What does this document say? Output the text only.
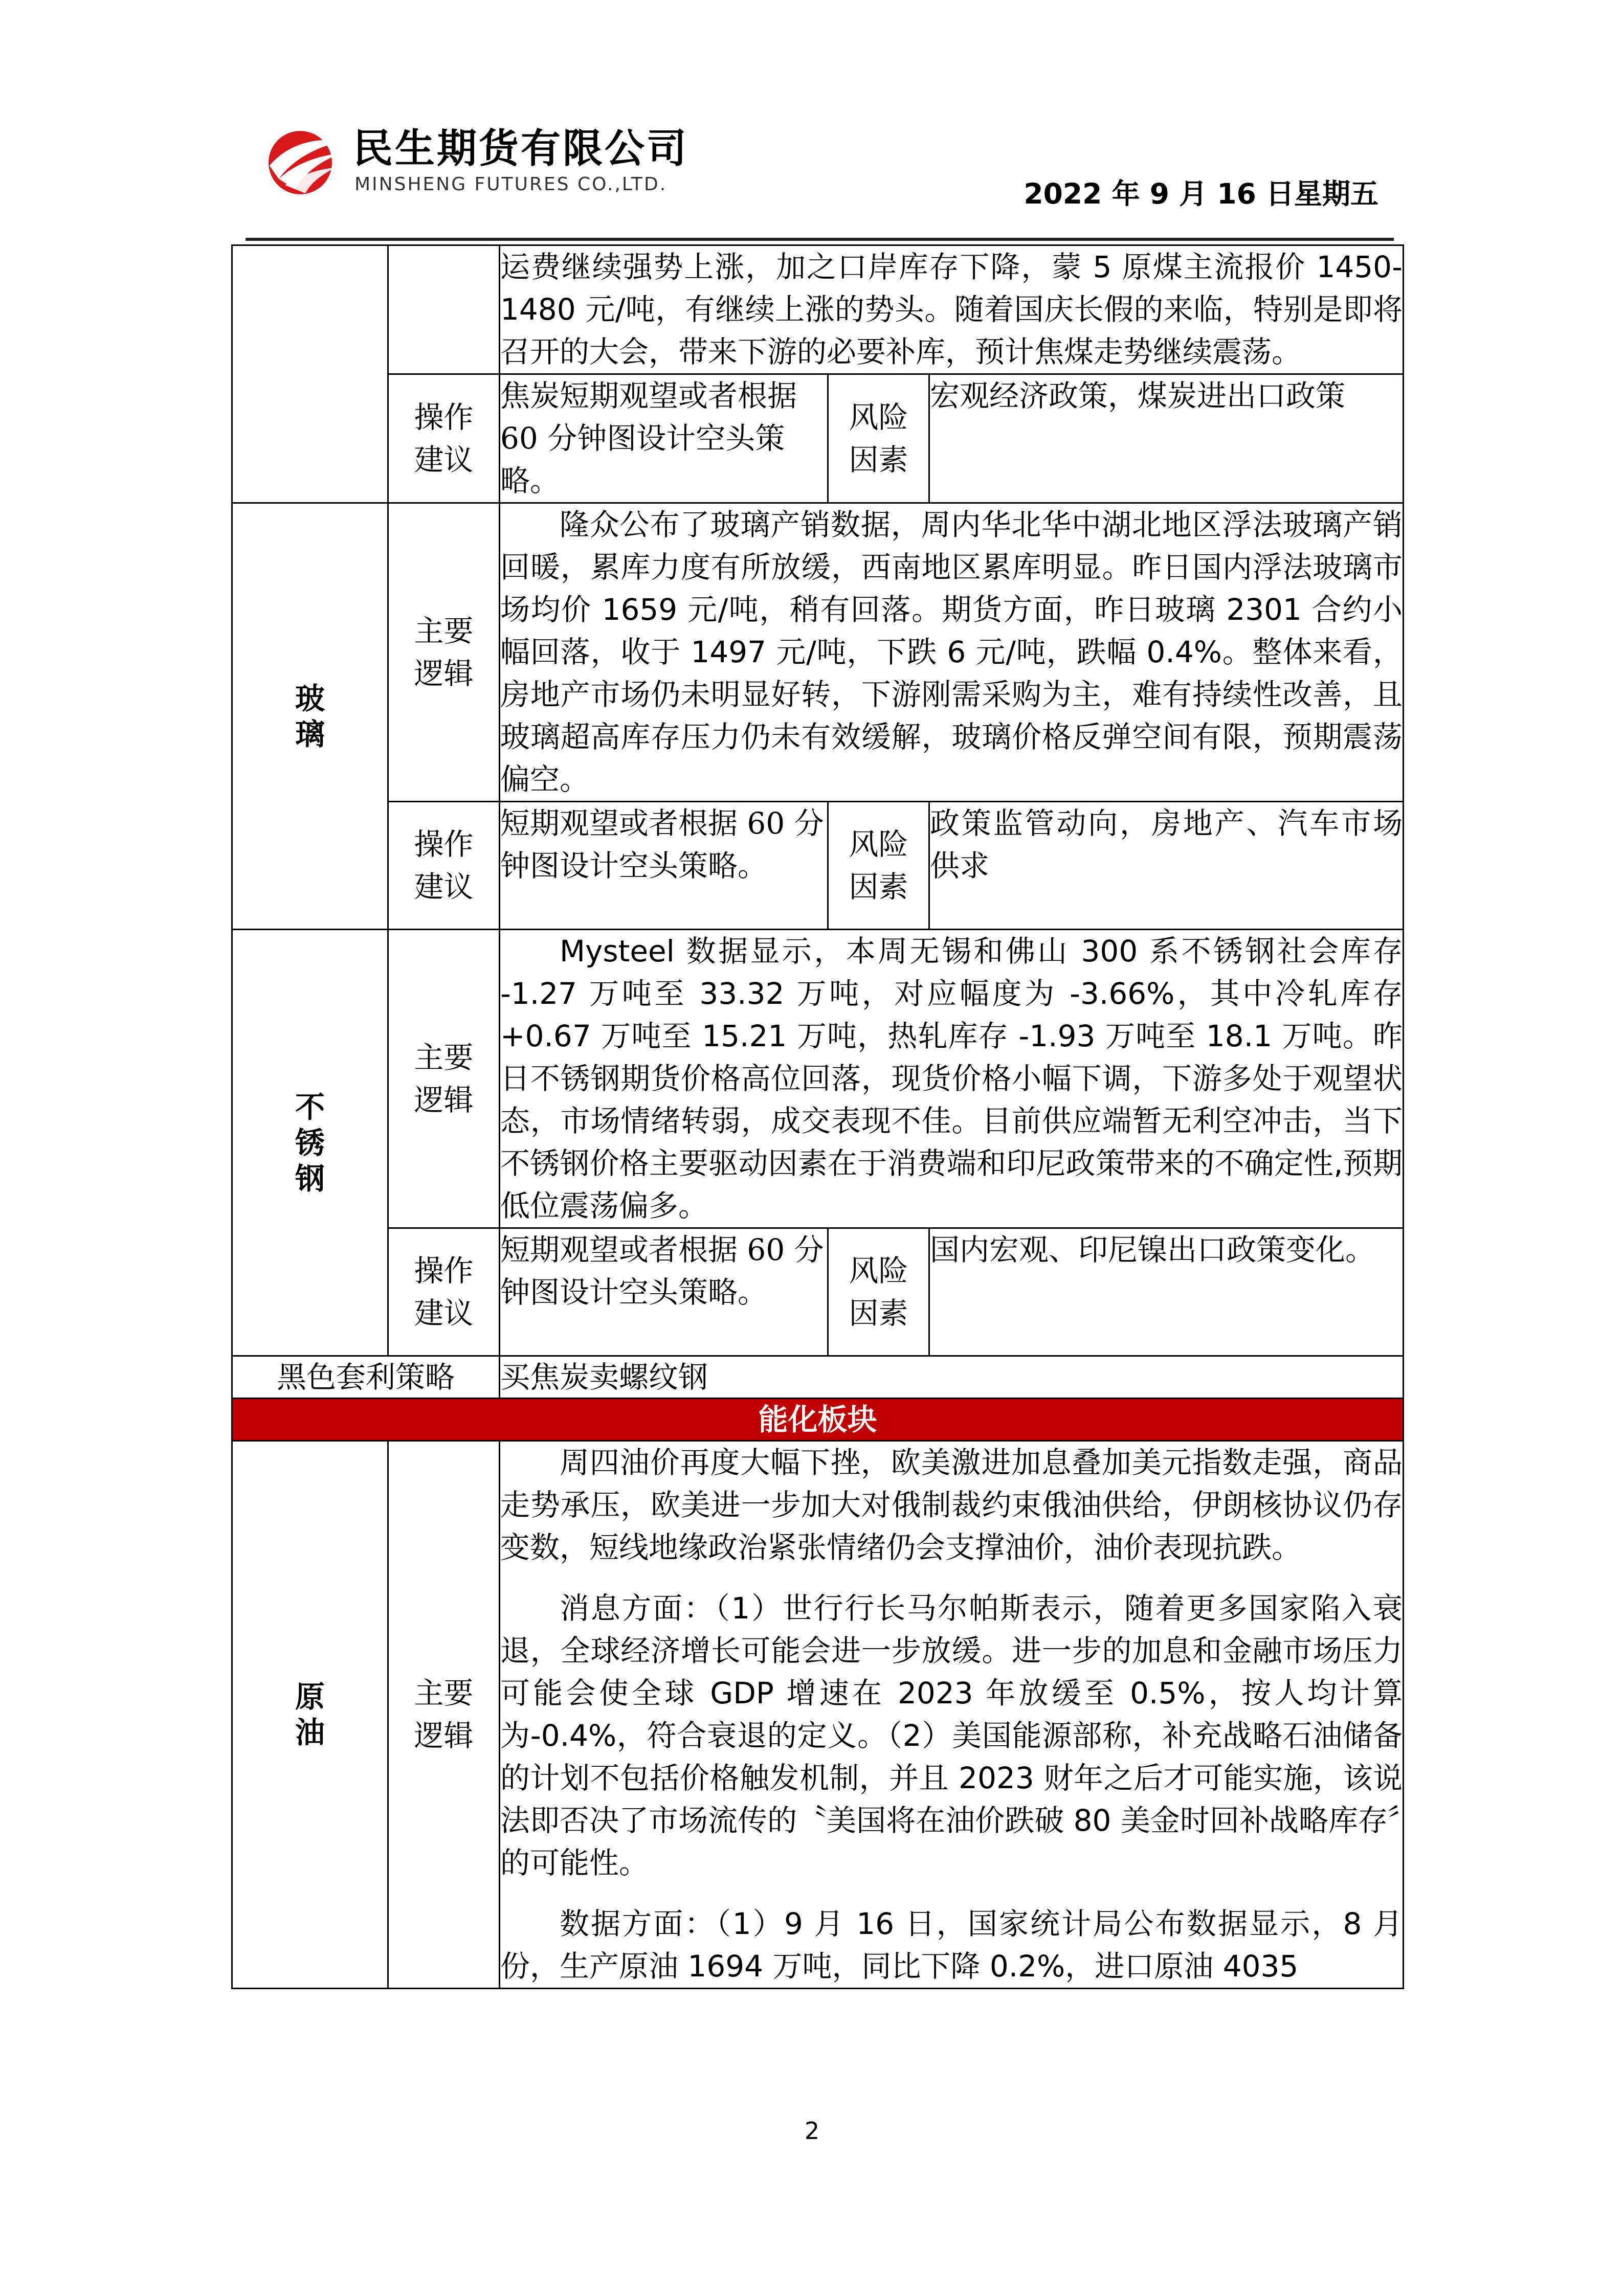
民生期货有限公司
MINSHENG FUTURES CO.,LTD.	2022 年 9 月 16 日星期五

		运费继续强势上涨，加之口岸库存下降，蒙 5 原煤主流报价 1450-1480 元/吨，有继续上涨的势头。随着国庆长假的来临，特别是即将召开的大会，带来下游的必要补库，预计焦煤走势继续震荡。		

	操作建议	焦炭短期观望或者根据 60 分钟图设计空头策略。	风险因素	宏观经济政策，煤炭进出口政策
玻璃	主要逻辑	隆众公布了玻璃产销数据，周内华北华中湖北地区浮法玻璃产销回暖，累库力度有所放缓，西南地区累库明显。昨日国内浮法玻璃市场均价 1659 元/吨，稍有回落。期货方面，昨日玻璃 2301 合约小幅回落，收于 1497 元/吨，下跌 6 元/吨，跌幅 0.4%。整体来看，房地产市场仍未明显好转，下游刚需采购为主，难有持续性改善，且玻璃超高库存压力仍未有效缓解，玻璃价格反弹空间有限，预期震荡偏空。		

	操作建议	短期观望或者根据 60 分钟图设计空头策略。	风险因素	政策监管动向，房地产、汽车市场供求
不锈钢	主要逻辑	Mysteel 数据显示，本周无锡和佛山 300 系不锈钢社会库存 -1.27 万吨至 33.32 万吨，对应幅度为 -3.66%，其中冷轧库存 +0.67 万吨至 15.21 万吨，热轧库存 -1.93 万吨至 18.1 万吨。昨日不锈钢期货价格高位回落，现货价格小幅下调，下游多处于观望状态，市场情绪转弱，成交表现不佳。目前供应端暂无利空冲击，当下不锈钢价格主要驱动因素在于消费端和印尼政策带来的不确定性,预期低位震荡偏多。		

	操作建议	短期观望或者根据 60 分钟图设计空头策略。	风险因素	国内宏观、印尼镍出口政策变化。
黑色套利策略		买焦炭卖螺纹钢		
能化板块				
原油	主要逻辑	周四油价再度大幅下挫，欧美激进加息叠加美元指数走强，商品走势承压，欧美进一步加大对俄制裁约束俄油供给，伊朗核协议仍存变数，短线地缘政治紧张情绪仍会支撑油价，油价表现抗跌。

消息方面：（1）世行行长马尔帕斯表示，随着更多国家陷入衰退，全球经济增长可能会进一步放缓。进一步的加息和金融市场压力可能会使全球 GDP 增速在 2023 年放缓至 0.5%，按人均计算为-0.4%，符合衰退的定义。（2）美国能源部称，补充战略石油储备的计划不包括价格触发机制，并且 2023 财年之后才可能实施，该说法即否决了市场流传的〝美国将在油价跌破 80 美金时回补战略库存〞的可能性。

数据方面：（1）9 月 16 日，国家统计局公布数据显示，8 月份，生产原油 1694 万吨，同比下降 0.2%，进口原油 4035		

2
